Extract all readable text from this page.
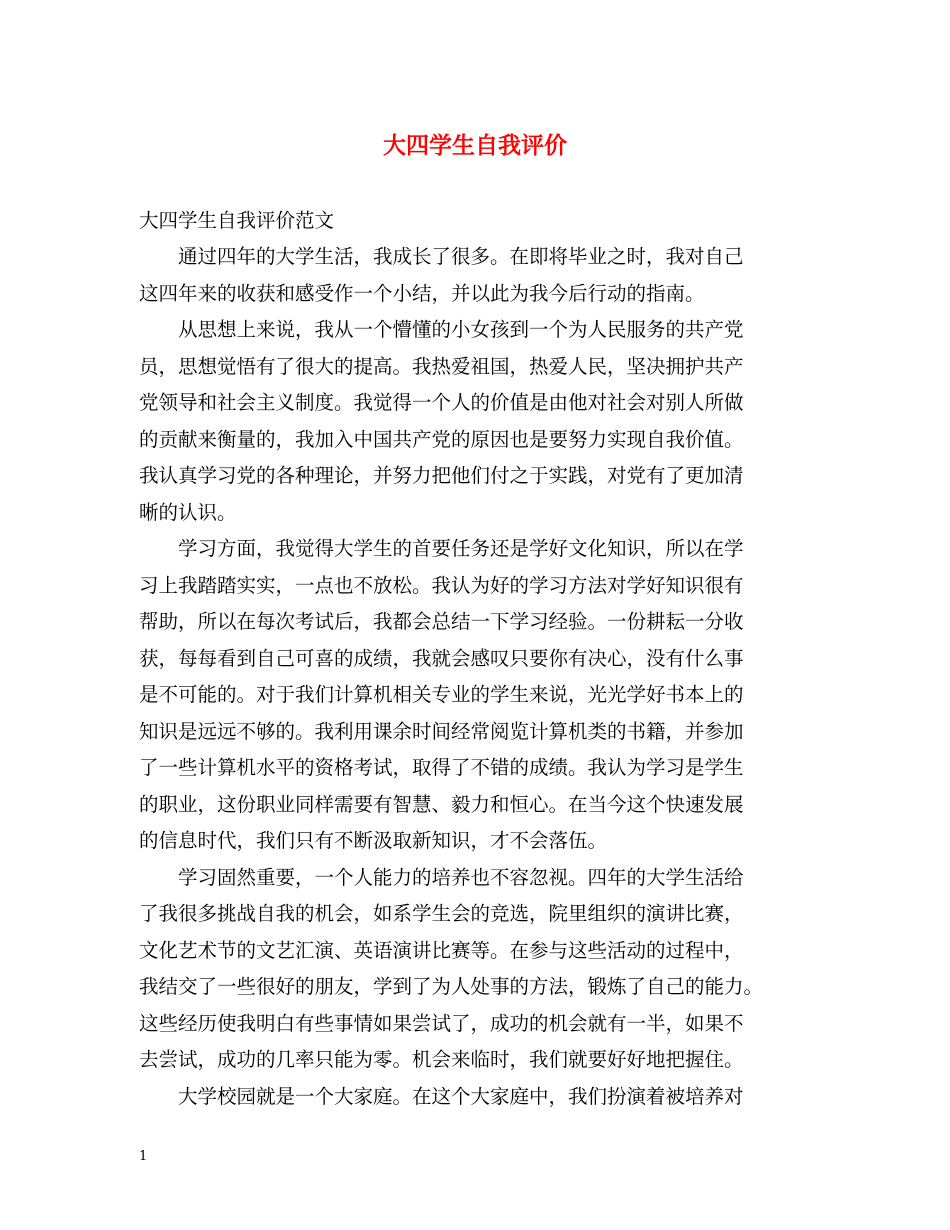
大四学生自我评价
大四学生自我评价范文
通过四年的大学生活，我成长了很多。在即将毕业之时，我对自己
这四年来的收获和感受作一个小结，并以此为我今后行动的指南。
从思想上来说，我从一个懵懂的小女孩到一个为人民服务的共产党
员，思想觉悟有了很大的提高。我热爱祖国，热爱人民，坚决拥护共产
党领导和社会主义制度。我觉得一个人的价值是由他对社会对别人所做
的贡献来衡量的，我加入中国共产党的原因也是要努力实现自我价值。
我认真学习党的各种理论，并努力把他们付之于实践，对党有了更加清
晰的认识。
学习方面，我觉得大学生的首要任务还是学好文化知识，所以在学
习上我踏踏实实，一点也不放松。我认为好的学习方法对学好知识很有
帮助，所以在每次考试后，我都会总结一下学习经验。一份耕耘一分收
获，每每看到自己可喜的成绩，我就会感叹只要你有决心，没有什么事
是不可能的。对于我们计算机相关专业的学生来说，光光学好书本上的
知识是远远不够的。我利用课余时间经常阅览计算机类的书籍，并参加
了一些计算机水平的资格考试，取得了不错的成绩。我认为学习是学生
的职业，这份职业同样需要有智慧、毅力和恒心。在当今这个快速发展
的信息时代，我们只有不断汲取新知识，才不会落伍。
学习固然重要，一个人能力的培养也不容忽视。四年的大学生活给
了我很多挑战自我的机会，如系学生会的竞选，院里组织的演讲比赛，
文化艺术节的文艺汇演、英语演讲比赛等。在参与这些活动的过程中，
我结交了一些很好的朋友，学到了为人处事的方法，锻炼了自己的能力。
这些经历使我明白有些事情如果尝试了，成功的机会就有一半，如果不
去尝试，成功的几率只能为零。机会来临时，我们就要好好地把握住。
大学校园就是一个大家庭。在这个大家庭中，我们扮演着被培养对
1
